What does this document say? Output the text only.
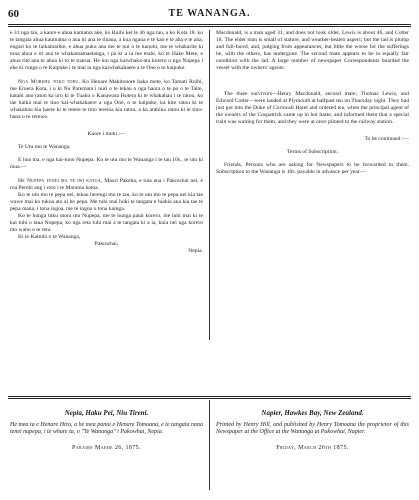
60	TE WANANGA.

e 31 nga tau, a kaore e ahua kamatua ake, ko Ruihi kei te 46 nga tau, a ko Kota 18. ko te tangata ahua kaumatua o aua iti ana te tinana, a kua ngaua e te kao e te aha e te aha, engari ko te taikamarike, e ahua puku ana me te nui o te kanohi, me te whakarite ki tona ahua e iti ana te whakamamaetanga, i pa ki a ia me etahi, ko te Hake Mete, e ahua rite ana te ahua ki to te tuarua. He nui nga kaiwhaka-atu korero o nga Nupepa i eke ki runga o te Kaipuke i te mai ia nga kaiwhakahaere a te One o te kaipuke.

Nga Morehu toko toru. Ko Henare Makitonore haka mete, ko Tamati Ruihi, me Eruera Kota, i u ki Nu Paremata i nuri o te tekau o nga haora o te po o te Taite, katahi ano raton ka uru ki te Tuaku o Kanawara Hotera ki te whakahau i te ratou, ko tae kaika mai te tino kai-whakahaere a nga One, o te kaipuke, ka kite ratou ki te whakahau kia haere ki te tetere te tino tereina kia ratou, a ka arahina ratou ki te tino-hana o te rerewe.

Kaore i mutu :—

Te Utu mo te Wananga.

E hoa ma, e nga kai-tono Nupepa. Ko te utu mo te Wananga i te tau 10s., te utu ki mua.—

He Nupepa tenei ma te iwi katoa, Maori Pakeha, e tuia ana i Pakowhai nei, e rua Perehi ang i roto i te Marama katoa.

Ko te utu mo te pepa nei, tekau herengi mo te tau, ko te utu mo te pepa nei kia tae wawe mai ko tukua atu ai he pepa. Me tuhi mai hoki te tangata e hiahia ana kia tae te pepa mana, i tona ingoa, me te ingoa o tona kainga.

Ko te hunga tuku moni utu Nupepa, me te hunga patai korero, me tuhi mai ki te kai tuhi o taua Nupepa, ko nga reta tuhi mai a te tangata ki a ia, kuia nei nga korero mo waho o te reta.

Ki te Kaituhi o te Wananga,

Pakowhai,

Nepia.

Macdonald, is a man aged 31, and does not look older, Lewis is about 46, and Cotter 18. The elder man is small of stature, and weather-beaten aspect; but the lad is plump and full-faced, and, judging from appearances, but little the worse for the sufferings he, with the others, has undergone. The second mate appears to be in equally fair condition with the lad. A large number of newspaper Correspondents boarded the vessel with the owners' agents.

The three survivors—Henry Macdonald, second mate; Thomas Lewis, and Edward Cotter—were landed at Plymouth at halfpast ten on Thursday night. They had just got into the Duke of Cornwall Hotel and ordered tea, when the principal agent of the owners of the Cospatrick came up in hot haste, and informed them that a special train was waiting for them, and they were at once piloted to the railway station.

To be continued :—

Terms of Subscription.

Friends, Persons who are asking for Newspapers to be forwarded to them. Subscription to the Wananga is 10s. payable in advance per year.—

Nepia, Haku Pei, Niu Tireni.
He mea ta e Henare Hira, a he mea panui e Henare Tomoana, e te tangata nana tenei nupepa, i te whare ta, o "Te Wananga" i Pakowhai, Nepia.
Paraire Maehe 26, 1875.
Napier, Hawkes Bay, New Zealand.
Printed by Henry Hill, and published by Henry Tomoana the proprietor of this Newspaper at the Office at the Wananga at Pakowhai, Napier.
Friday, March 26th 1875.
